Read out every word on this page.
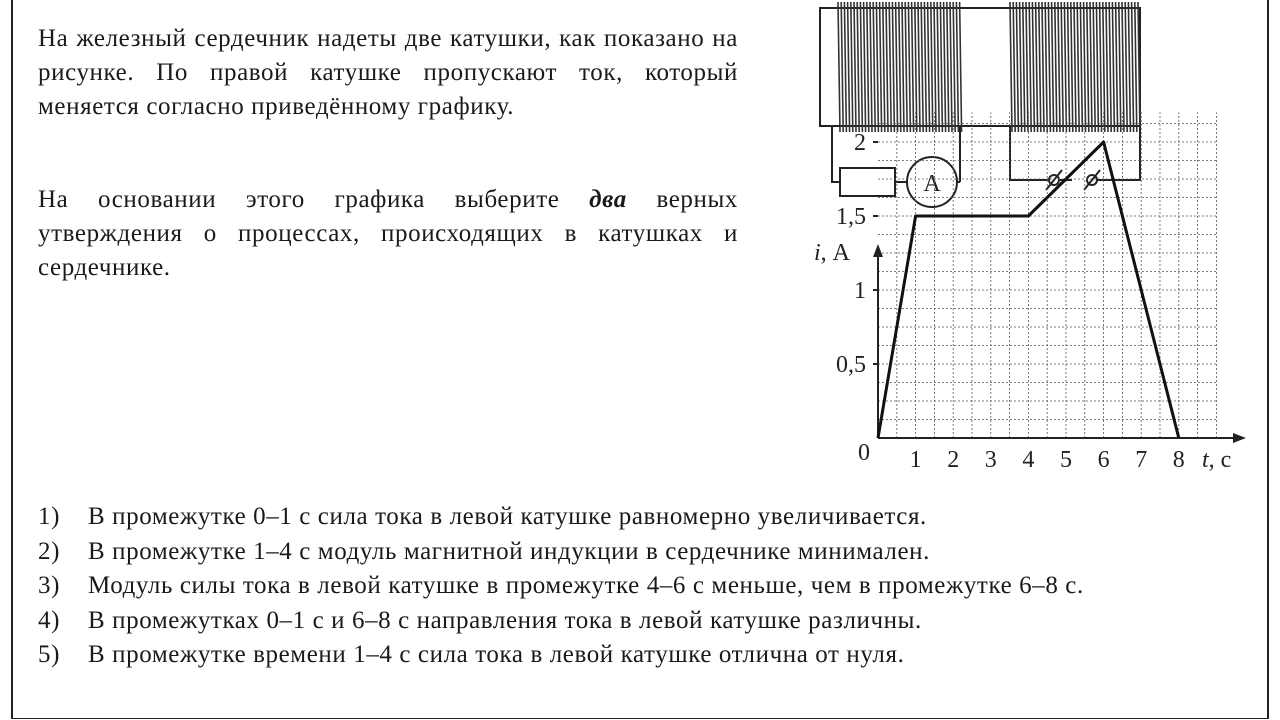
На железный сердечник надеты две катушки, как показано на рисунке. По правой катушке пропускают ток, который меняется согласно приведённому графику.

На основании этого графика выберите два верных утверждения о процессах, происходящих в катушках и сердечнике.

A
1 2 3 4 5 6 7 8
0,5
1
1,5
2
0
i, А
t, с
1) В промежутке 0–1 с сила тока в левой катушке равномерно увеличивается.
2) В промежутке 1–4 с модуль магнитной индукции в сердечнике минимален.
3) Модуль силы тока в левой катушке в промежутке 4–6 с меньше, чем в промежутке 6–8 с.
4) В промежутках 0–1 с и 6–8 с направления тока в левой катушке различны.
5) В промежутке времени 1–4 с сила тока в левой катушке отлична от нуля.
